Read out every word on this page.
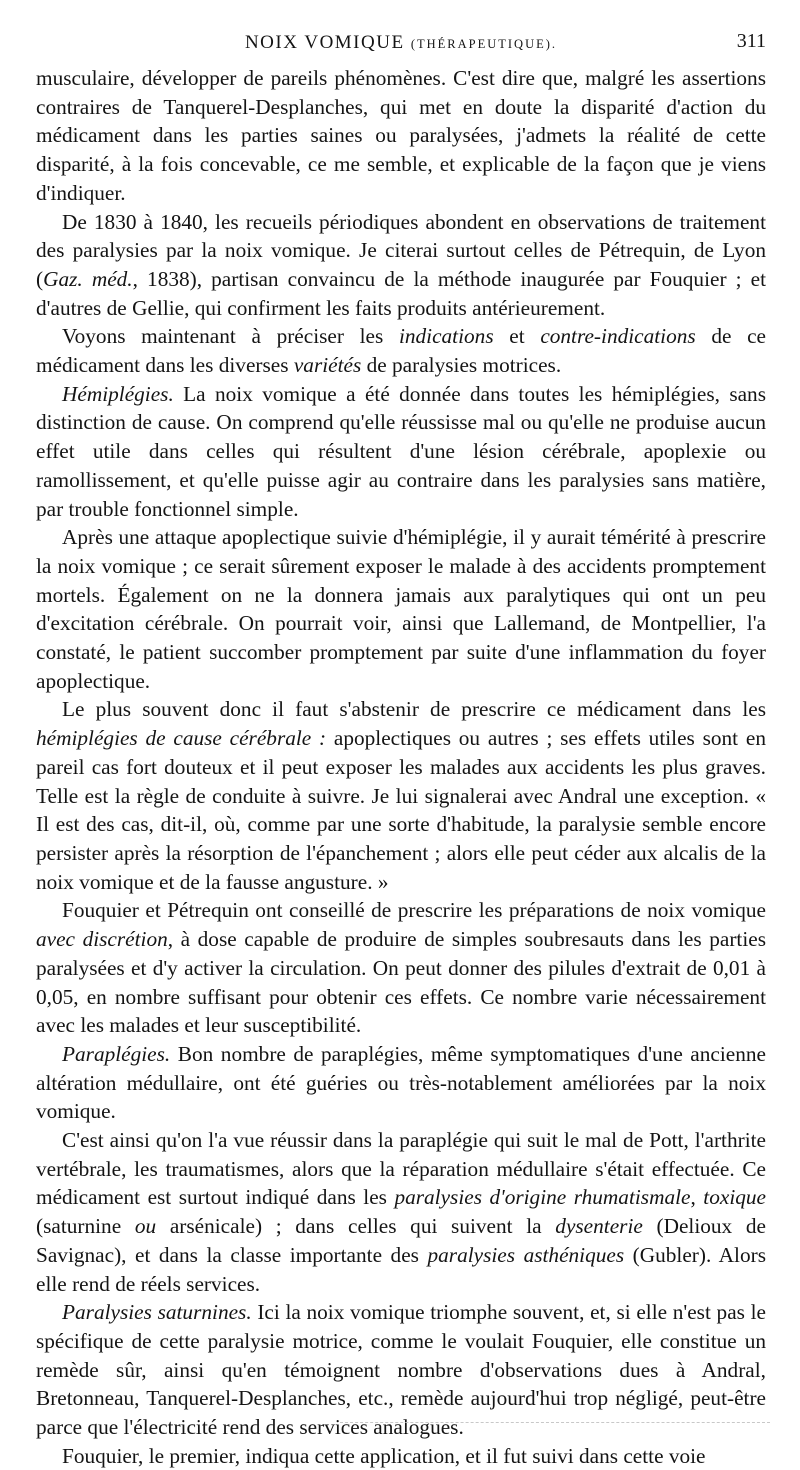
NOIX VOMIQUE (THÉRAPEUTIQUE).	311

musculaire, développer de pareils phénomènes. C'est dire que, malgré les assertions contraires de Tanquerel-Desplanches, qui met en doute la disparité d'action du médicament dans les parties saines ou paralysées, j'admets la réalité de cette disparité, à la fois concevable, ce me semble, et explicable de la façon que je viens d'indiquer.

De 1830 à 1840, les recueils périodiques abondent en observations de traitement des paralysies par la noix vomique. Je citerai surtout celles de Pétrequin, de Lyon (Gaz. méd., 1838), partisan convaincu de la méthode inaugurée par Fouquier ; et d'autres de Gellie, qui confirment les faits produits antérieurement.

Voyons maintenant à préciser les indications et contre-indications de ce médicament dans les diverses variétés de paralysies motrices.

Hémiplégies. La noix vomique a été donnée dans toutes les hémiplégies, sans distinction de cause. On comprend qu'elle réussisse mal ou qu'elle ne produise aucun effet utile dans celles qui résultent d'une lésion cérébrale, apoplexie ou ramollissement, et qu'elle puisse agir au contraire dans les paralysies sans matière, par trouble fonctionnel simple.

Après une attaque apoplectique suivie d'hémiplégie, il y aurait témérité à prescrire la noix vomique ; ce serait sûrement exposer le malade à des accidents promptement mortels. Également on ne la donnera jamais aux paralytiques qui ont un peu d'excitation cérébrale. On pourrait voir, ainsi que Lallemand, de Montpellier, l'a constaté, le patient succomber promptement par suite d'une inflammation du foyer apoplectique.

Le plus souvent donc il faut s'abstenir de prescrire ce médicament dans les hémiplégies de cause cérébrale : apoplectiques ou autres ; ses effets utiles sont en pareil cas fort douteux et il peut exposer les malades aux accidents les plus graves. Telle est la règle de conduite à suivre. Je lui signalerai avec Andral une exception. « Il est des cas, dit-il, où, comme par une sorte d'habitude, la paralysie semble encore persister après la résorption de l'épanchement ; alors elle peut céder aux alcalis de la noix vomique et de la fausse angusture. »

Fouquier et Pétrequin ont conseillé de prescrire les préparations de noix vomique avec discrétion, à dose capable de produire de simples soubresauts dans les parties paralysées et d'y activer la circulation. On peut donner des pilules d'extrait de 0,01 à 0,05, en nombre suffisant pour obtenir ces effets. Ce nombre varie nécessairement avec les malades et leur susceptibilité.

Paraplégies. Bon nombre de paraplégies, même symptomatiques d'une ancienne altération médullaire, ont été guéries ou très-notablement améliorées par la noix vomique.

C'est ainsi qu'on l'a vue réussir dans la paraplégie qui suit le mal de Pott, l'arthrite vertébrale, les traumatismes, alors que la réparation médullaire s'était effectuée. Ce médicament est surtout indiqué dans les paralysies d'origine rhumatismale, toxique (saturnine ou arsénicale) ; dans celles qui suivent la dysenterie (Delioux de Savignac), et dans la classe importante des paralysies asthéniques (Gubler). Alors elle rend de réels services.

Paralysies saturnines. Ici la noix vomique triomphe souvent, et, si elle n'est pas le spécifique de cette paralysie motrice, comme le voulait Fouquier, elle constitue un remède sûr, ainsi qu'en témoignent nombre d'observations dues à Andral, Bretonneau, Tanquerel-Desplanches, etc., remède aujourd'hui trop négligé, peut-être parce que l'électricité rend des services analogues.

Fouquier, le premier, indiqua cette application, et il fut suivi dans cette voie
